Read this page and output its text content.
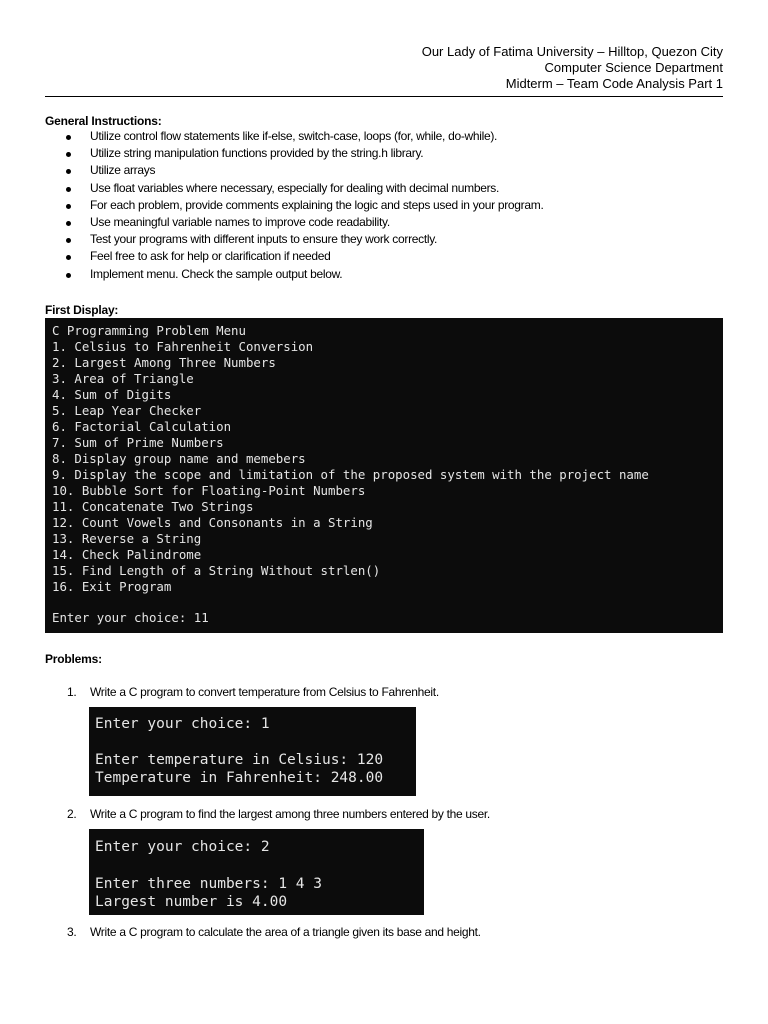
Our Lady of Fatima University – Hilltop, Quezon City
Computer Science Department
Midterm – Team Code Analysis Part 1
General Instructions:
Utilize control flow statements like if-else, switch-case, loops (for, while, do-while).
Utilize string manipulation functions provided by the string.h library.
Utilize arrays
Use float variables where necessary, especially for dealing with decimal numbers.
For each problem, provide comments explaining the logic and steps used in your program.
Use meaningful variable names to improve code readability.
Test your programs with different inputs to ensure they work correctly.
Feel free to ask for help or clarification if needed
Implement menu. Check the sample output below.
First Display:

C Programming Problem Menu

1. Celsius to Fahrenheit Conversion

2. Largest Among Three Numbers

3. Area of Triangle

4. Sum of Digits

5. Leap Year Checker

6. Factorial Calculation

7. Sum of Prime Numbers

8. Display group name and memebers

9. Display the scope and limitation of the proposed system with the project name

10. Bubble Sort for Floating-Point Numbers

11. Concatenate Two Strings

12. Count Vowels and Consonants in a String

13. Reverse a String

14. Check Palindrome

15. Find Length of a String Without strlen()

16. Exit Program

Enter your choice: 11

Problems:
1. Write a C program to convert temperature from Celsius to Fahrenheit.

Enter your choice: 1

Enter temperature in Celsius: 120

Temperature in Fahrenheit: 248.00

2. Write a C program to find the largest among three numbers entered by the user.

Enter your choice: 2

Enter three numbers: 1 4 3

Largest number is 4.00

3. Write a C program to calculate the area of a triangle given its base and height.
